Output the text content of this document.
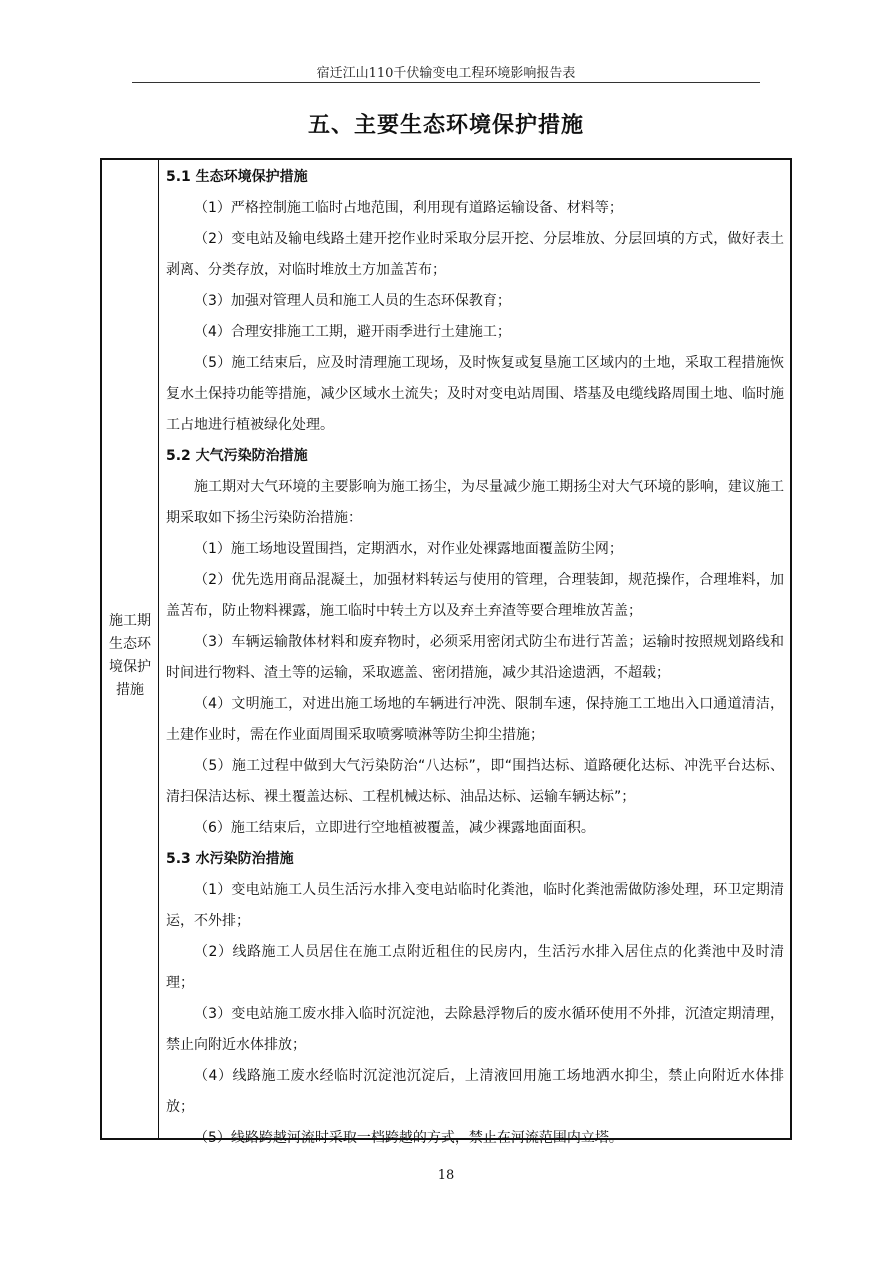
宿迁江山110千伏输变电工程环境影响报告表
五、主要生态环境保护措施
施工期生态环境保护措施
5.1 生态环境保护措施

（1）严格控制施工临时占地范围，利用现有道路运输设备、材料等；

（2）变电站及输电线路土建开挖作业时采取分层开挖、分层堆放、分层回填的方式，做好表土剥离、分类存放，对临时堆放土方加盖苫布；

（3）加强对管理人员和施工人员的生态环保教育；

（4）合理安排施工工期，避开雨季进行土建施工；

（5）施工结束后，应及时清理施工现场，及时恢复或复垦施工区域内的土地，采取工程措施恢复水土保持功能等措施，减少区域水土流失；及时对变电站周围、塔基及电缆线路周围土地、临时施工占地进行植被绿化处理。

5.2 大气污染防治措施

施工期对大气环境的主要影响为施工扬尘，为尽量减少施工期扬尘对大气环境的影响，建议施工期采取如下扬尘污染防治措施：

（1）施工场地设置围挡，定期洒水，对作业处裸露地面覆盖防尘网；

（2）优先选用商品混凝土，加强材料转运与使用的管理，合理装卸，规范操作，合理堆料，加盖苫布，防止物料裸露，施工临时中转土方以及弃土弃渣等要合理堆放苫盖；

（3）车辆运输散体材料和废弃物时，必须采用密闭式防尘布进行苫盖；运输时按照规划路线和时间进行物料、渣土等的运输，采取遮盖、密闭措施，减少其沿途遗洒，不超载；

（4）文明施工，对进出施工场地的车辆进行冲洗、限制车速，保持施工工地出入口通道清洁，土建作业时，需在作业面周围采取喷雾喷淋等防尘抑尘措施；

（5）施工过程中做到大气污染防治“八达标”，即“围挡达标、道路硬化达标、冲洗平台达标、清扫保洁达标、裸土覆盖达标、工程机械达标、油品达标、运输车辆达标”；

（6）施工结束后，立即进行空地植被覆盖，减少裸露地面面积。

5.3 水污染防治措施

（1）变电站施工人员生活污水排入变电站临时化粪池，临时化粪池需做防渗处理，环卫定期清运，不外排；

（2）线路施工人员居住在施工点附近租住的民房内，生活污水排入居住点的化粪池中及时清理；

（3）变电站施工废水排入临时沉淀池，去除悬浮物后的废水循环使用不外排，沉渣定期清理，禁止向附近水体排放；

（4）线路施工废水经临时沉淀池沉淀后，上清液回用施工场地洒水抑尘，禁止向附近水体排放；

（5）线路跨越河流时采取一档跨越的方式，禁止在河流范围内立塔。

18
